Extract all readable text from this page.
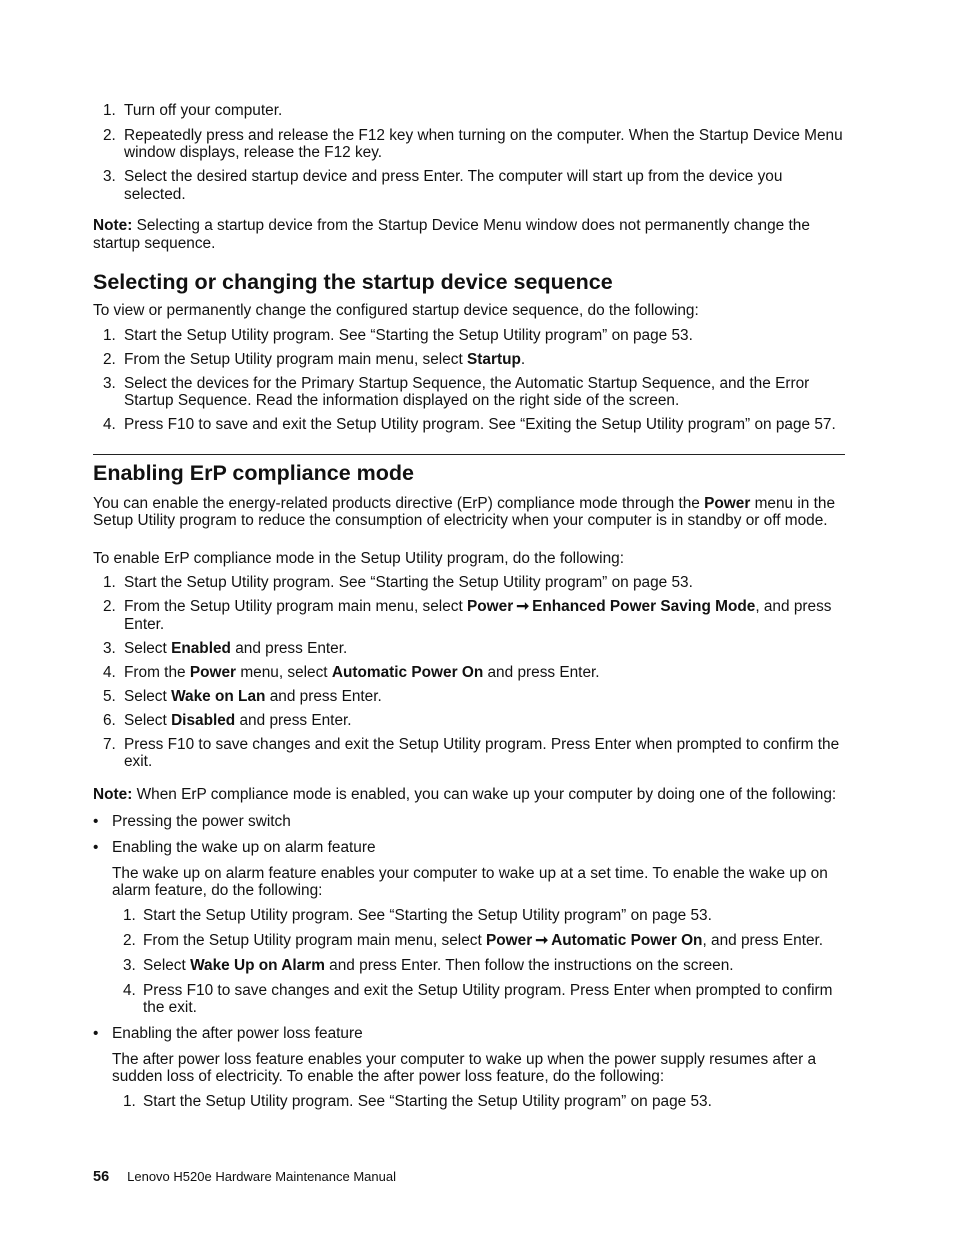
1. Turn off your computer.
2. Repeatedly press and release the F12 key when turning on the computer. When the Startup Device Menu window displays, release the F12 key.
3. Select the desired startup device and press Enter. The computer will start up from the device you selected.

Note: Selecting a startup device from the Startup Device Menu window does not permanently change the startup sequence.

Selecting or changing the startup device sequence

To view or permanently change the configured startup device sequence, do the following:

1. Start the Setup Utility program. See “Starting the Setup Utility program” on page 53.
2. From the Setup Utility program main menu, select Startup.
3. Select the devices for the Primary Startup Sequence, the Automatic Startup Sequence, and the Error Startup Sequence. Read the information displayed on the right side of the screen.
4. Press F10 to save and exit the Setup Utility program. See “Exiting the Setup Utility program” on page 57.
Enabling ErP compliance mode

You can enable the energy-related products directive (ErP) compliance mode through the Power menu in the Setup Utility program to reduce the consumption of electricity when your computer is in standby or off mode.

To enable ErP compliance mode in the Setup Utility program, do the following:

1. Start the Setup Utility program. See “Starting the Setup Utility program” on page 53.
2. From the Setup Utility program main menu, select Power ➞ Enhanced Power Saving Mode, and press Enter.
3. Select Enabled and press Enter.
4. From the Power menu, select Automatic Power On and press Enter.
5. Select Wake on Lan and press Enter.
6. Select Disabled and press Enter.
7. Press F10 to save changes and exit the Setup Utility program. Press Enter when prompted to confirm the exit.

Note: When ErP compliance mode is enabled, you can wake up your computer by doing one of the following:

• Pressing the power switch
• Enabling the wake up on alarm feature

The wake up on alarm feature enables your computer to wake up at a set time. To enable the wake up on alarm feature, do the following:

1. Start the Setup Utility program. See “Starting the Setup Utility program” on page 53.
2. From the Setup Utility program main menu, select Power ➞ Automatic Power On, and press Enter.
3. Select Wake Up on Alarm and press Enter. Then follow the instructions on the screen.
4. Press F10 to save changes and exit the Setup Utility program. Press Enter when prompted to confirm the exit.
• Enabling the after power loss feature

The after power loss feature enables your computer to wake up when the power supply resumes after a sudden loss of electricity. To enable the after power loss feature, do the following:

1. Start the Setup Utility program. See “Starting the Setup Utility program” on page 53.
56 Lenovo H520e Hardware Maintenance Manual
